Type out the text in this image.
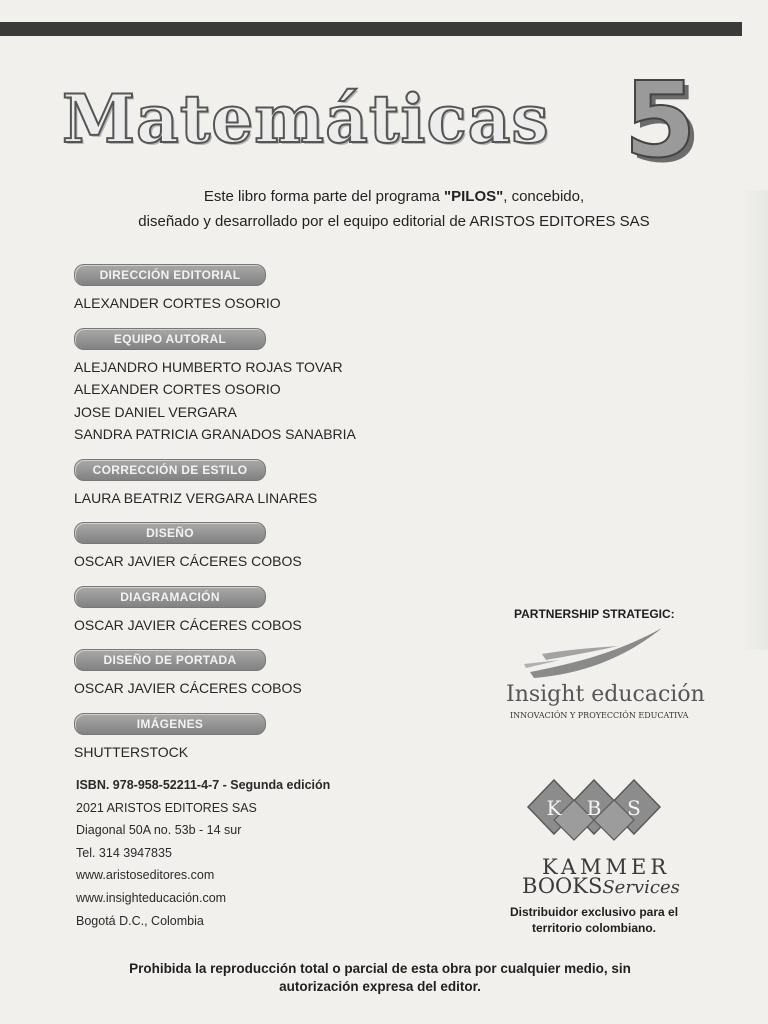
Matemáticas 5
Este libro forma parte del programa "PILOS", concebido,
diseñado y desarrollado por el equipo editorial de ARISTOS EDITORES SAS
DIRECCIÓN EDITORIAL
ALEXANDER CORTES OSORIO
EQUIPO AUTORAL
ALEJANDRO HUMBERTO ROJAS TOVAR
ALEXANDER CORTES OSORIO
JOSE DANIEL VERGARA
SANDRA PATRICIA GRANADOS SANABRIA
CORRECCIÓN DE ESTILO
LAURA BEATRIZ VERGARA LINARES
DISEÑO
OSCAR JAVIER CÁCERES COBOS
DIAGRAMACIÓN
OSCAR JAVIER CÁCERES COBOS
DISEÑO DE PORTADA
OSCAR JAVIER CÁCERES COBOS
IMÁGENES
SHUTTERSTOCK
ISBN. 978-958-52211-4-7 - Segunda edición
2021 ARISTOS EDITORES SAS
Diagonal 50A no. 53b - 14 sur
Tel. 314 3947835
www.aristoseditores.com
www.insighteducación.com
Bogotá D.C., Colombia
PARTNERSHIP STRATEGIC:
Insight educación
INNOVACIÓN Y PROYECCIÓN EDUCATIVA
K B S
KAMMER
BOOKSServices
Distribuidor exclusivo para el
territorio colombiano.
Prohibida la reproducción total o parcial de esta obra por cualquier medio, sin
autorización expresa del editor.
